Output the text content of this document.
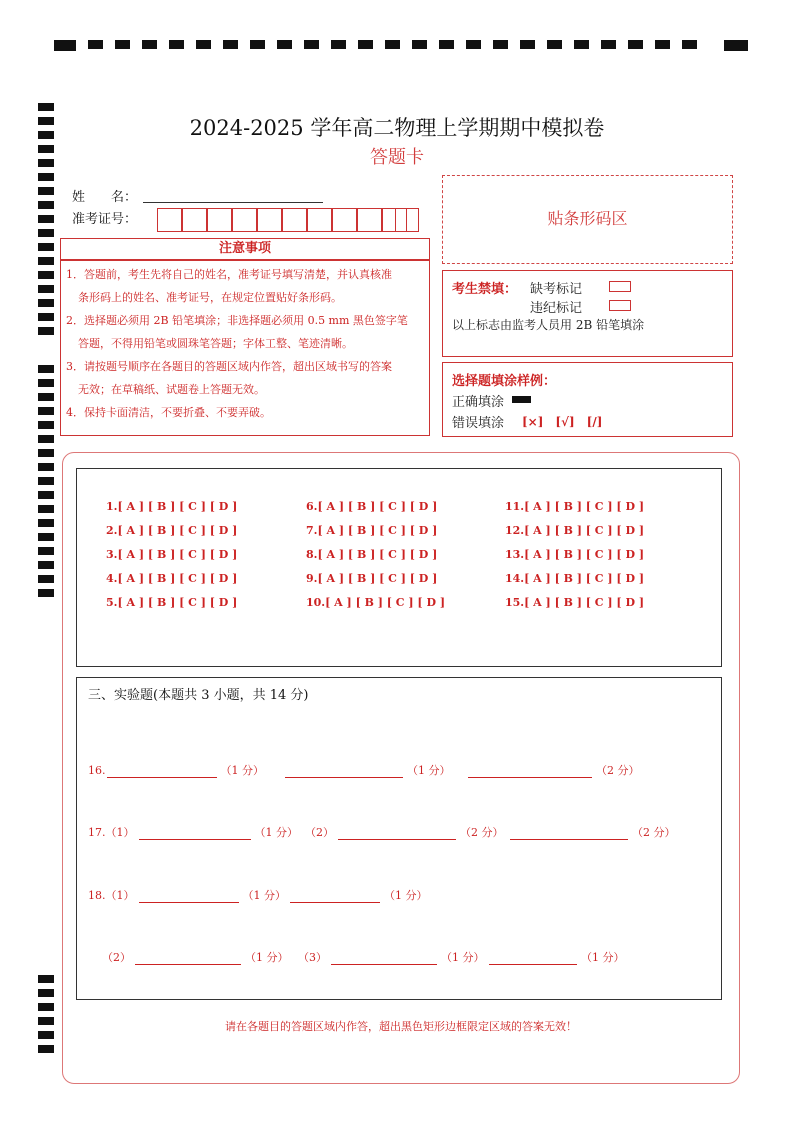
2024-2025 学年高二物理上学期期中模拟卷
答题卡
姓　　名：
准考证号：	贴条形码区
注意事项
1．答题前，考生先将自己的姓名，准考证号填写清楚，并认真核准
条形码上的姓名、准考证号，在规定位置贴好条形码。
2．选择题必须用 2B 铅笔填涂；非选择题必须用 0.5 mm 黑色签字笔
答题，不得用铅笔或圆珠笔答题；字体工整、笔迹清晰。
3．请按题号顺序在各题目的答题区域内作答，超出区域书写的答案
无效；在草稿纸、试题卷上答题无效。
4．保持卡面清洁，不要折叠、不要弄破。
考生禁填： 缺考标记
违纪标记
以上标志由监考人员用 2B 铅笔填涂
选择题填涂样例：
正确填涂
错误填涂 [×]　[√]　[/]
1.[ A ] [ B ] [ C ] [ D ]
2.[ A ] [ B ] [ C ] [ D ]
3.[ A ] [ B ] [ C ] [ D ]
4.[ A ] [ B ] [ C ] [ D ]
5.[ A ] [ B ] [ C ] [ D ]
6.[ A ] [ B ] [ C ] [ D ]
7.[ A ] [ B ] [ C ] [ D ]
8.[ A ] [ B ] [ C ] [ D ]
9.[ A ] [ B ] [ C ] [ D ]
10.[ A ] [ B ] [ C ] [ D ]
11.[ A ] [ B ] [ C ] [ D ]
12.[ A ] [ B ] [ C ] [ D ]
13.[ A ] [ B ] [ C ] [ D ]
14.[ A ] [ B ] [ C ] [ D ]
15.[ A ] [ B ] [ C ] [ D ]
三、实验题(本题共 3 小题，共 14 分)
16.	（1 分）	（1 分）	（2 分）
17.（1）	（1 分） （2）	（2 分）	（2 分）
18.（1）	（1 分）	（1 分）
（2）	（1 分） （3）	（1 分）	（1 分）
请在各题目的答题区域内作答，超出黑色矩形边框限定区域的答案无效！
